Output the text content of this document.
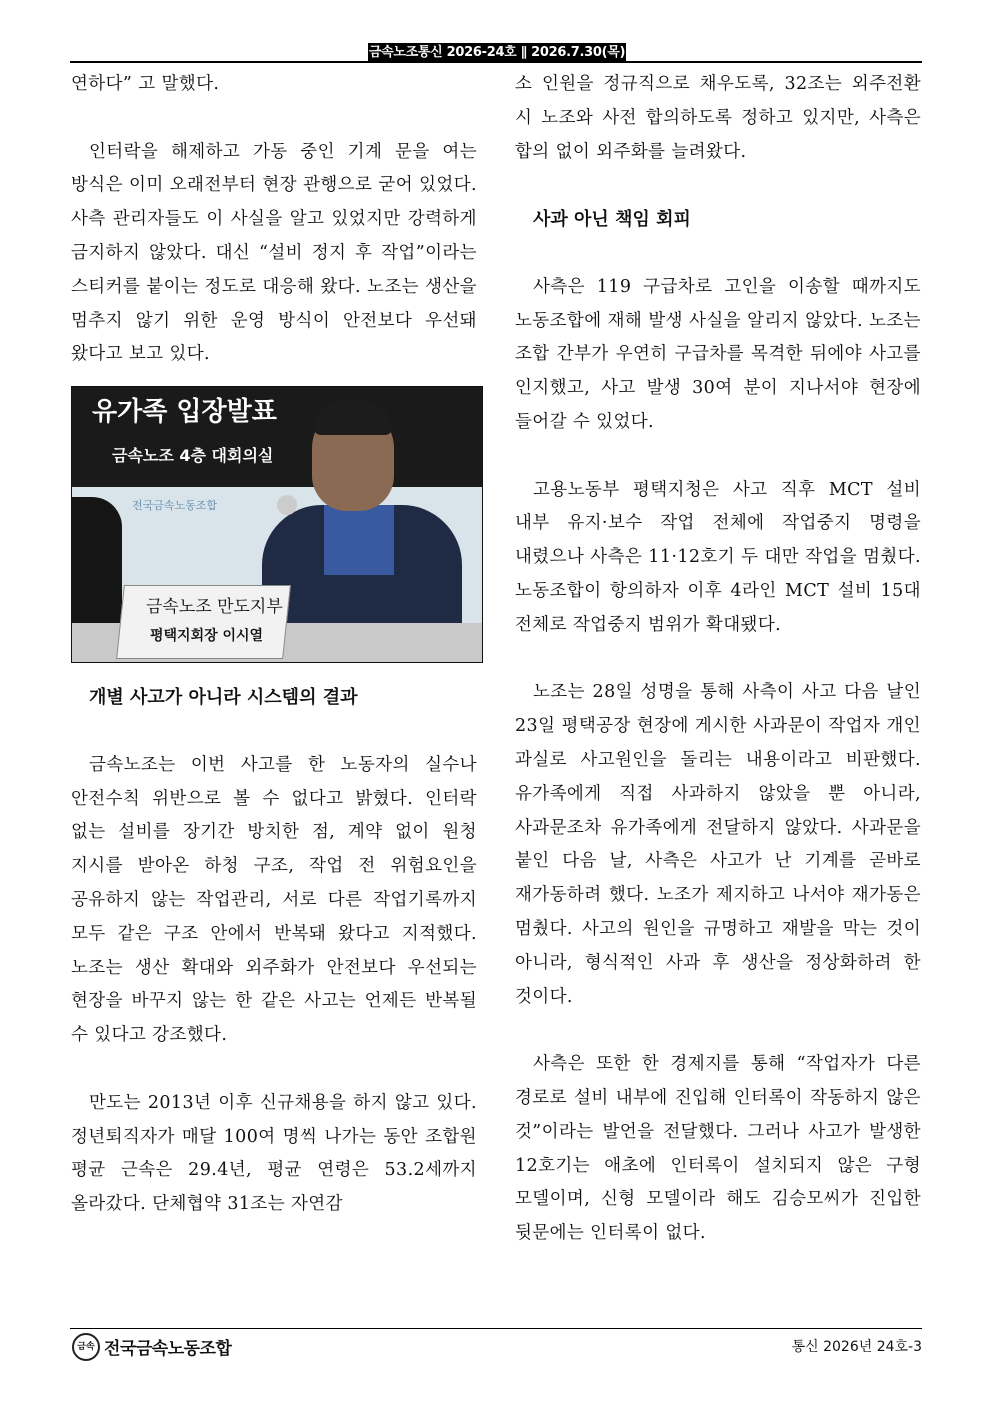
금속노조통신 2026-24호 ∥ 2026.7.30(목)

연하다” 고 말했다.

인터락을 해제하고 가동 중인 기계 문을 여는 방식은 이미 오래전부터 현장 관행으로 굳어 있었다. 사측 관리자들도 이 사실을 알고 있었지만 강력하게 금지하지 않았다. 대신 “설비 정지 후 작업”이라는 스티커를 붙이는 정도로 대응해 왔다. 노조는 생산을 멈추지 않기 위한 운영 방식이 안전보다 우선돼 왔다고 보고 있다.

유가족 입장발표
금속노조 4층 대회의실
전국금속노동조합
금속노조 만도지부
평택지회장 이시열

개별 사고가 아니라 시스템의 결과

금속노조는 이번 사고를 한 노동자의 실수나 안전수칙 위반으로 볼 수 없다고 밝혔다. 인터락 없는 설비를 장기간 방치한 점, 계약 없이 원청 지시를 받아온 하청 구조, 작업 전 위험요인을 공유하지 않는 작업관리, 서로 다른 작업기록까지 모두 같은 구조 안에서 반복돼 왔다고 지적했다. 노조는 생산 확대와 외주화가 안전보다 우선되는 현장을 바꾸지 않는 한 같은 사고는 언제든 반복될 수 있다고 강조했다.

만도는 2013년 이후 신규채용을 하지 않고 있다. 정년퇴직자가 매달 100여 명씩 나가는 동안 조합원 평균 근속은 29.4년, 평균 연령은 53.2세까지 올라갔다. 단체협약 31조는 자연감

소 인원을 정규직으로 채우도록, 32조는 외주전환 시 노조와 사전 합의하도록 정하고 있지만, 사측은 합의 없이 외주화를 늘려왔다.

사과 아닌 책임 회피

사측은 119 구급차로 고인을 이송할 때까지도 노동조합에 재해 발생 사실을 알리지 않았다. 노조는 조합 간부가 우연히 구급차를 목격한 뒤에야 사고를 인지했고, 사고 발생 30여 분이 지나서야 현장에 들어갈 수 있었다.

고용노동부 평택지청은 사고 직후 MCT 설비 내부 유지·보수 작업 전체에 작업중지 명령을 내렸으나 사측은 11·12호기 두 대만 작업을 멈췄다. 노동조합이 항의하자 이후 4라인 MCT 설비 15대 전체로 작업중지 범위가 확대됐다.

노조는 28일 성명을 통해 사측이 사고 다음 날인 23일 평택공장 현장에 게시한 사과문이 작업자 개인 과실로 사고원인을 돌리는 내용이라고 비판했다. 유가족에게 직접 사과하지 않았을 뿐 아니라, 사과문조차 유가족에게 전달하지 않았다. 사과문을 붙인 다음 날, 사측은 사고가 난 기계를 곧바로 재가동하려 했다. 노조가 제지하고 나서야 재가동은 멈췄다. 사고의 원인을 규명하고 재발을 막는 것이 아니라, 형식적인 사과 후 생산을 정상화하려 한 것이다.

사측은 또한 한 경제지를 통해 “작업자가 다른 경로로 설비 내부에 진입해 인터록이 작동하지 않은 것”이라는 발언을 전달했다. 그러나 사고가 발생한 12호기는 애초에 인터록이 설치되지 않은 구형 모델이며, 신형 모델이라 해도 김승모씨가 진입한 뒷문에는 인터록이 없다.

금속 전국금속노동조합	통신 2026년 24호-3
